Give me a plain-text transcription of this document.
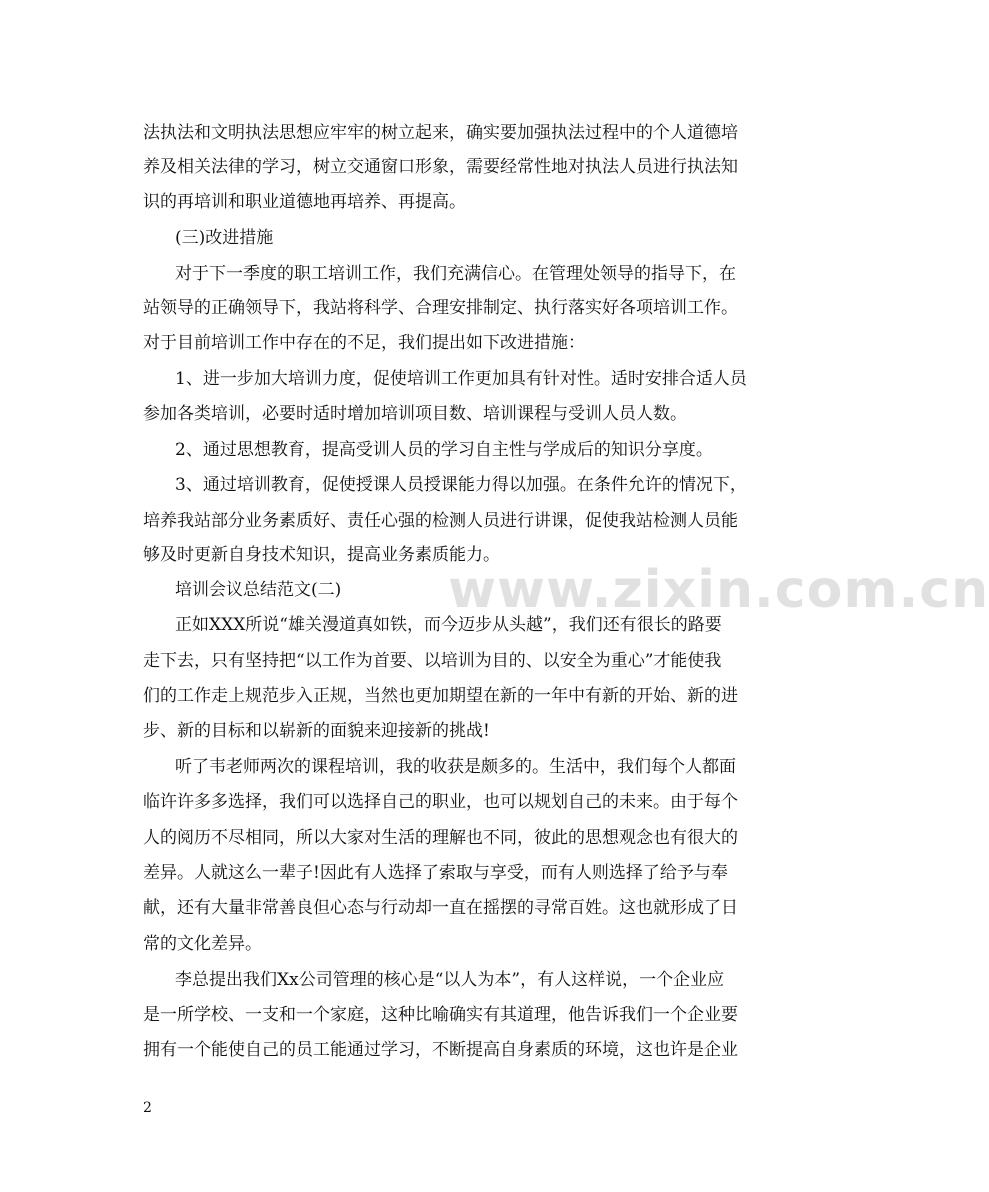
法执法和文明执法思想应牢牢的树立起来，确实要加强执法过程中的个人道德培
养及相关法律的学习，树立交通窗口形象，需要经常性地对执法人员进行执法知
识的再培训和职业道德地再培养、再提高。
(三)改进措施
对于下一季度的职工培训工作，我们充满信心。在管理处领导的指导下，在
站领导的正确领导下，我站将科学、合理安排制定、执行落实好各项培训工作。
对于目前培训工作中存在的不足，我们提出如下改进措施：
1、进一步加大培训力度，促使培训工作更加具有针对性。适时安排合适人员
参加各类培训，必要时适时增加培训项目数、培训课程与受训人员人数。
2、通过思想教育，提高受训人员的学习自主性与学成后的知识分享度。
3、通过培训教育，促使授课人员授课能力得以加强。在条件允许的情况下，
培养我站部分业务素质好、责任心强的检测人员进行讲课，促使我站检测人员能
够及时更新自身技术知识，提高业务素质能力。
培训会议总结范文(二)
正如XXX所说“雄关漫道真如铁，而今迈步从头越”，我们还有很长的路要
走下去，只有坚持把“以工作为首要、以培训为目的、以安全为重心”才能使我
们的工作走上规范步入正规，当然也更加期望在新的一年中有新的开始、新的进
步、新的目标和以崭新的面貌来迎接新的挑战!
听了韦老师两次的课程培训，我的收获是颇多的。生活中，我们每个人都面
临许许多多选择，我们可以选择自己的职业，也可以规划自己的未来。由于每个
人的阅历不尽相同，所以大家对生活的理解也不同，彼此的思想观念也有很大的
差异。人就这么一辈子!因此有人选择了索取与享受，而有人则选择了给予与奉
献，还有大量非常善良但心态与行动却一直在摇摆的寻常百姓。这也就形成了日
常的文化差异。
李总提出我们Xx公司管理的核心是“以人为本”，有人这样说，一个企业应
是一所学校、一支和一个家庭，这种比喻确实有其道理，他告诉我们一个企业要
拥有一个能使自己的员工能通过学习，不断提高自身素质的环境，这也许是企业
www.zixin.com.cn
2
